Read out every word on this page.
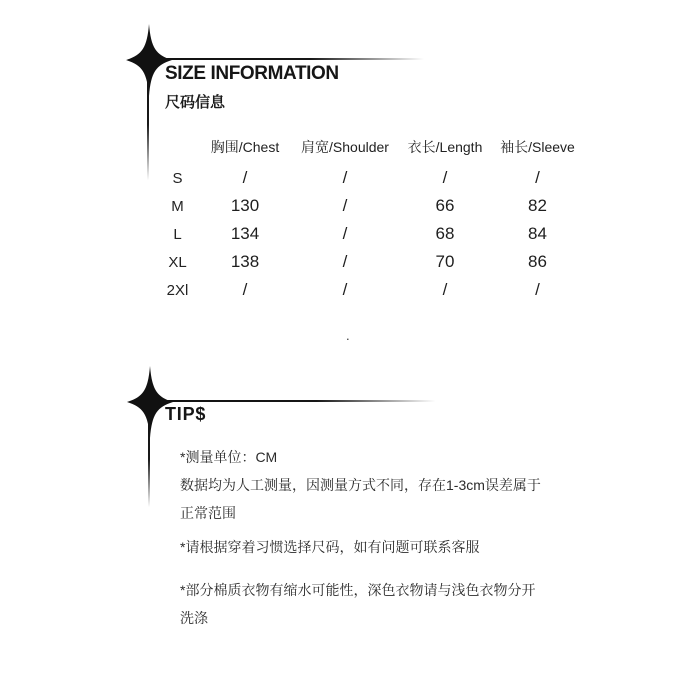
SIZE INFORMATION
尺码信息
胸围/Chest	肩宽/Shoulder	衣长/Length	袖长/Sleeve
S	/	/	/	/
M	130	/	66	82
L	134	/	68	84
XL	138	/	70	86
2Xl	/	/	/	/
.
TIP$
*测量单位：CM
数据均为人工测量，因测量方式不同，存在1-3cm误差属于
正常范围
*请根据穿着习惯选择尺码，如有问题可联系客服
*部分棉质衣物有缩水可能性，深色衣物请与浅色衣物分开
洗涤
